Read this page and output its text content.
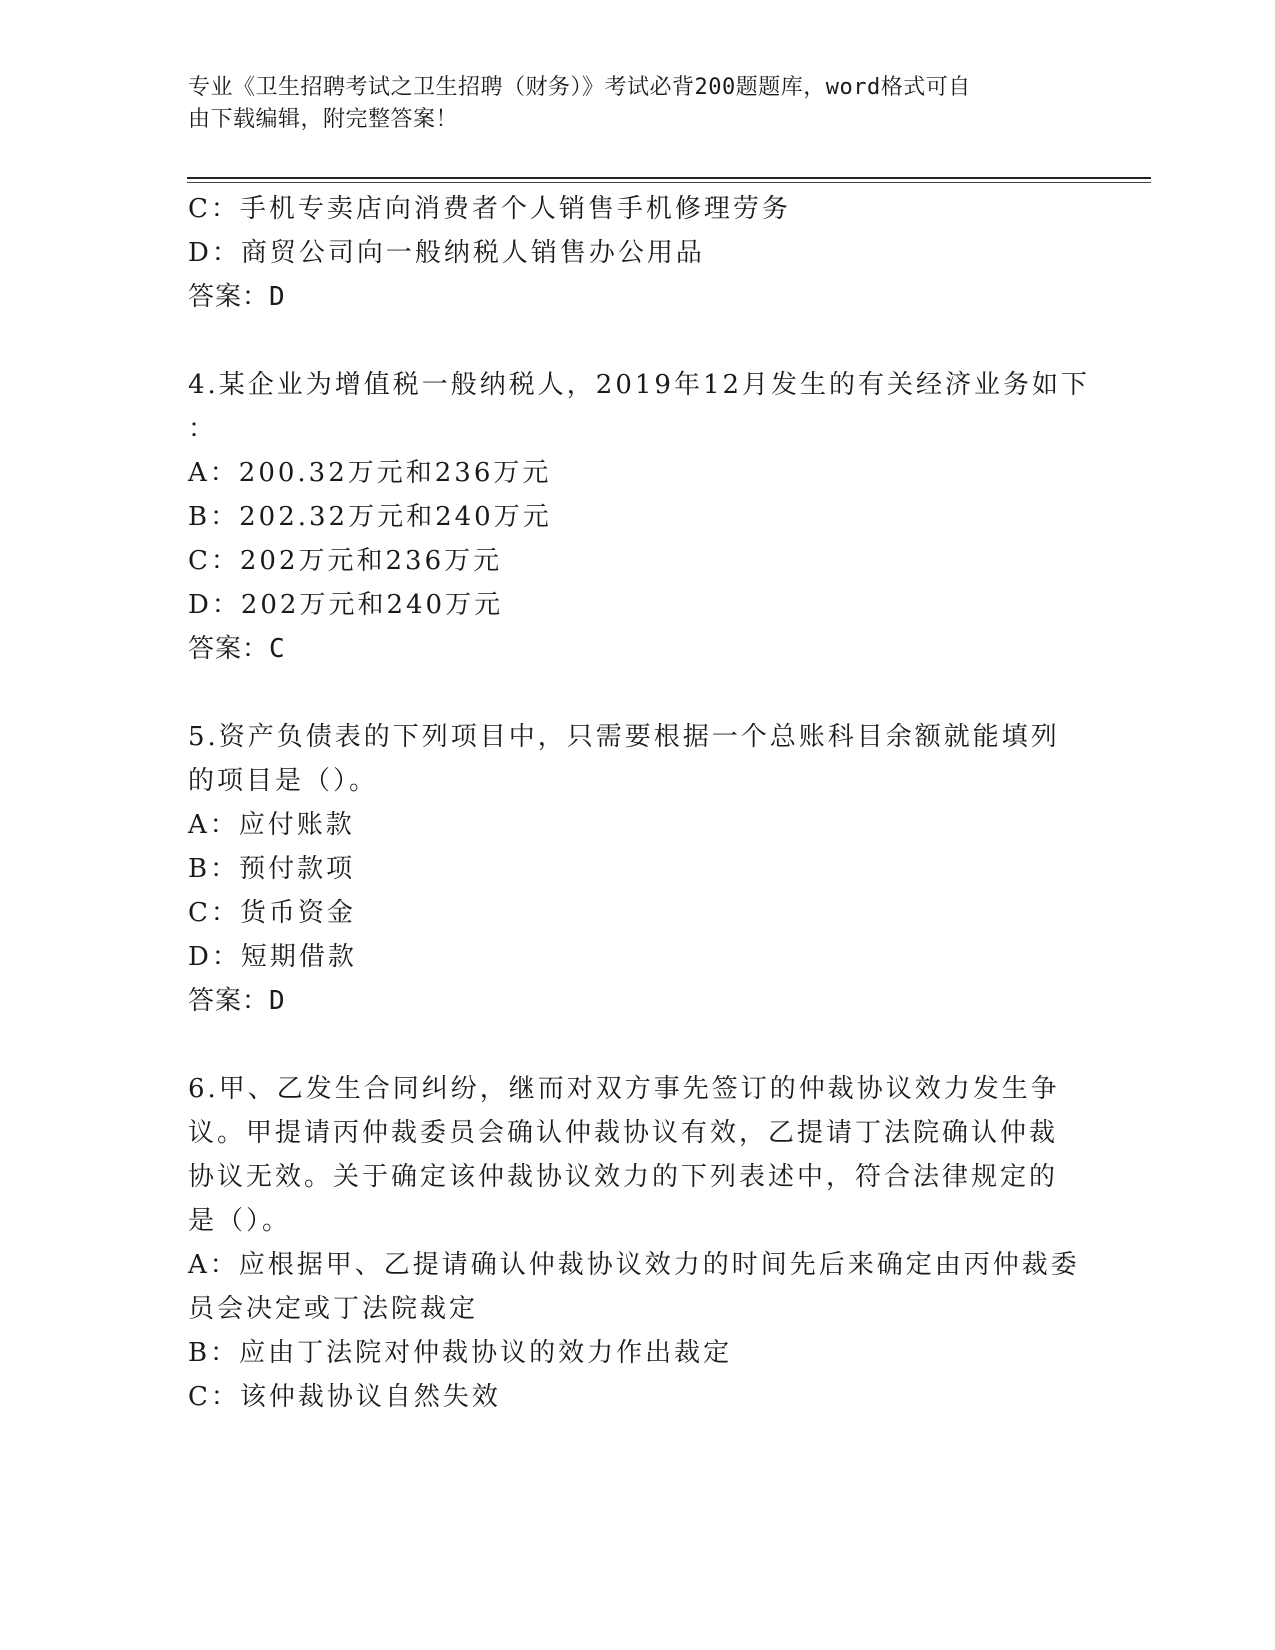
专业《卫生招聘考试之卫生招聘（财务）》考试必背200题题库，word格式可自
由下载编辑，附完整答案！
C：手机专卖店向消费者个人销售手机修理劳务
D：商贸公司向一般纳税人销售办公用品
答案：D
4.某企业为增值税一般纳税人，2019年12月发生的有关经济业务如下
：
A：200.32万元和236万元
B：202.32万元和240万元
C：202万元和236万元
D：202万元和240万元
答案：C
5.资产负债表的下列项目中，只需要根据一个总账科目余额就能填列
的项目是（）。
A：应付账款
B：预付款项
C：货币资金
D：短期借款
答案：D
6.甲、乙发生合同纠纷，继而对双方事先签订的仲裁协议效力发生争
议。甲提请丙仲裁委员会确认仲裁协议有效，乙提请丁法院确认仲裁
协议无效。关于确定该仲裁协议效力的下列表述中，符合法律规定的
是（）。
A：应根据甲、乙提请确认仲裁协议效力的时间先后来确定由丙仲裁委
员会决定或丁法院裁定
B：应由丁法院对仲裁协议的效力作出裁定
C：该仲裁协议自然失效
